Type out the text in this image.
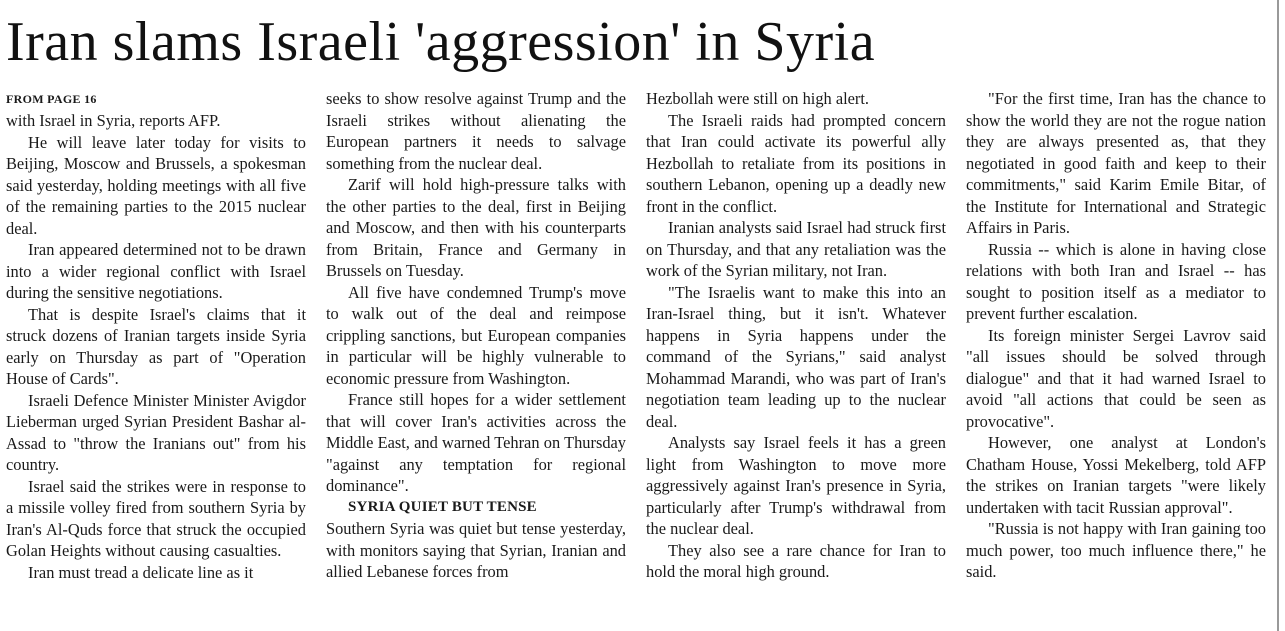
Iran slams Israeli 'aggression' in Syria
FROM PAGE 16

with Israel in Syria, reports AFP.

He will leave later today for visits to Beijing, Moscow and Brussels, a spokesman said yesterday, holding meetings with all five of the remaining parties to the 2015 nuclear deal.

Iran appeared determined not to be drawn into a wider regional conflict with Israel during the sensitive negotiations.

That is despite Israel's claims that it struck dozens of Iranian targets inside Syria early on Thursday as part of "Operation House of Cards".

Israeli Defence Minister Minister Avigdor Lieberman urged Syrian President Bashar al-Assad to "throw the Iranians out" from his country.

Israel said the strikes were in response to a missile volley fired from southern Syria by Iran's Al-Quds force that struck the occupied Golan Heights without causing casualties.

Iran must tread a delicate line as it

seeks to show resolve against Trump and the Israeli strikes without alienating the European partners it needs to salvage something from the nuclear deal.

Zarif will hold high-pressure talks with the other parties to the deal, first in Beijing and Moscow, and then with his counterparts from Britain, France and Germany in Brussels on Tuesday.

All five have condemned Trump's move to walk out of the deal and reimpose crippling sanctions, but European companies in particular will be highly vulnerable to economic pressure from Washington.

France still hopes for a wider settlement that will cover Iran's activities across the Middle East, and warned Tehran on Thursday "against any temptation for regional dominance".

SYRIA QUIET BUT TENSE

Southern Syria was quiet but tense yesterday, with monitors saying that Syrian, Iranian and allied Lebanese forces from

Hezbollah were still on high alert.

The Israeli raids had prompted concern that Iran could activate its powerful ally Hezbollah to retaliate from its positions in southern Lebanon, opening up a deadly new front in the conflict.

Iranian analysts said Israel had struck first on Thursday, and that any retaliation was the work of the Syrian military, not Iran.

"The Israelis want to make this into an Iran-Israel thing, but it isn't. Whatever happens in Syria happens under the command of the Syrians," said analyst Mohammad Marandi, who was part of Iran's negotiation team leading up to the nuclear deal.

Analysts say Israel feels it has a green light from Washington to move more aggressively against Iran's presence in Syria, particularly after Trump's withdrawal from the nuclear deal.

They also see a rare chance for Iran to hold the moral high ground.

"For the first time, Iran has the chance to show the world they are not the rogue nation they are always presented as, that they negotiated in good faith and keep to their commitments," said Karim Emile Bitar, of the Institute for International and Strategic Affairs in Paris.

Russia -- which is alone in having close relations with both Iran and Israel -- has sought to position itself as a mediator to prevent further escalation.

Its foreign minister Sergei Lavrov said "all issues should be solved through dialogue" and that it had warned Israel to avoid "all actions that could be seen as provocative".

However, one analyst at London's Chatham House, Yossi Mekelberg, told AFP the strikes on Iranian targets "were likely undertaken with tacit Russian approval".

"Russia is not happy with Iran gaining too much power, too much influence there," he said.
